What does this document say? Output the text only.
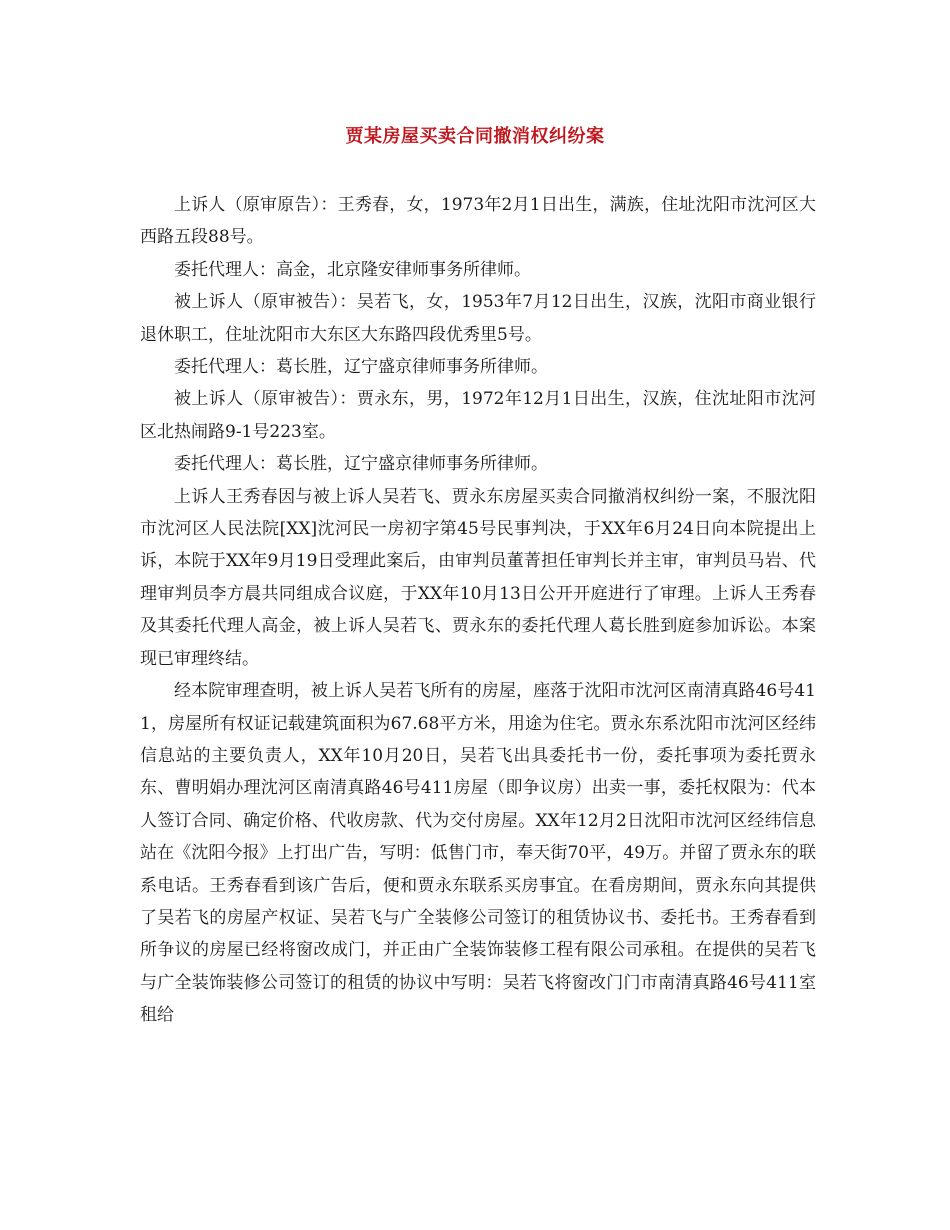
贾某房屋买卖合同撤消权纠纷案

上诉人（原审原告）：王秀春，女，1973年2月1日出生，满族，住址沈阳市沈河区大西路五段88号。

委托代理人：高金，北京隆安律师事务所律师。

被上诉人（原审被告）：吴若飞，女，1953年7月12日出生，汉族，沈阳市商业银行退休职工，住址沈阳市大东区大东路四段优秀里5号。

委托代理人：葛长胜，辽宁盛京律师事务所律师。

被上诉人（原审被告）：贾永东，男，1972年12月1日出生，汉族，住沈址阳市沈河区北热闹路9-1号223室。

委托代理人：葛长胜，辽宁盛京律师事务所律师。

上诉人王秀春因与被上诉人吴若飞、贾永东房屋买卖合同撤消权纠纷一案，不服沈阳市沈河区人民法院[XX]沈河民一房初字第45号民事判决，于XX年6月24日向本院提出上诉，本院于XX年9月19日受理此案后，由审判员董菁担任审判长并主审，审判员马岩、代理审判员李方晨共同组成合议庭，于XX年10月13日公开开庭进行了审理。上诉人王秀春及其委托代理人高金，被上诉人吴若飞、贾永东的委托代理人葛长胜到庭参加诉讼。本案现已审理终结。

经本院审理查明，被上诉人吴若飞所有的房屋，座落于沈阳市沈河区南清真路46号411，房屋所有权证记载建筑面积为67.68平方米，用途为住宅。贾永东系沈阳市沈河区经纬信息站的主要负责人，XX年10月20日，吴若飞出具委托书一份，委托事项为委托贾永东、曹明娟办理沈河区南清真路46号411房屋（即争议房）出卖一事，委托权限为：代本人签订合同、确定价格、代收房款、代为交付房屋。XX年12月2日沈阳市沈河区经纬信息站在《沈阳今报》上打出广告，写明：低售门市，奉天街70平，49万。并留了贾永东的联系电话。王秀春看到该广告后，便和贾永东联系买房事宜。在看房期间，贾永东向其提供了吴若飞的房屋产权证、吴若飞与广全装修公司签订的租赁协议书、委托书。王秀春看到所争议的房屋已经将窗改成门，并正由广全装饰装修工程有限公司承租。在提供的吴若飞与广全装饰装修公司签订的租赁的协议中写明：吴若飞将窗改门门市南清真路46号411室租给
